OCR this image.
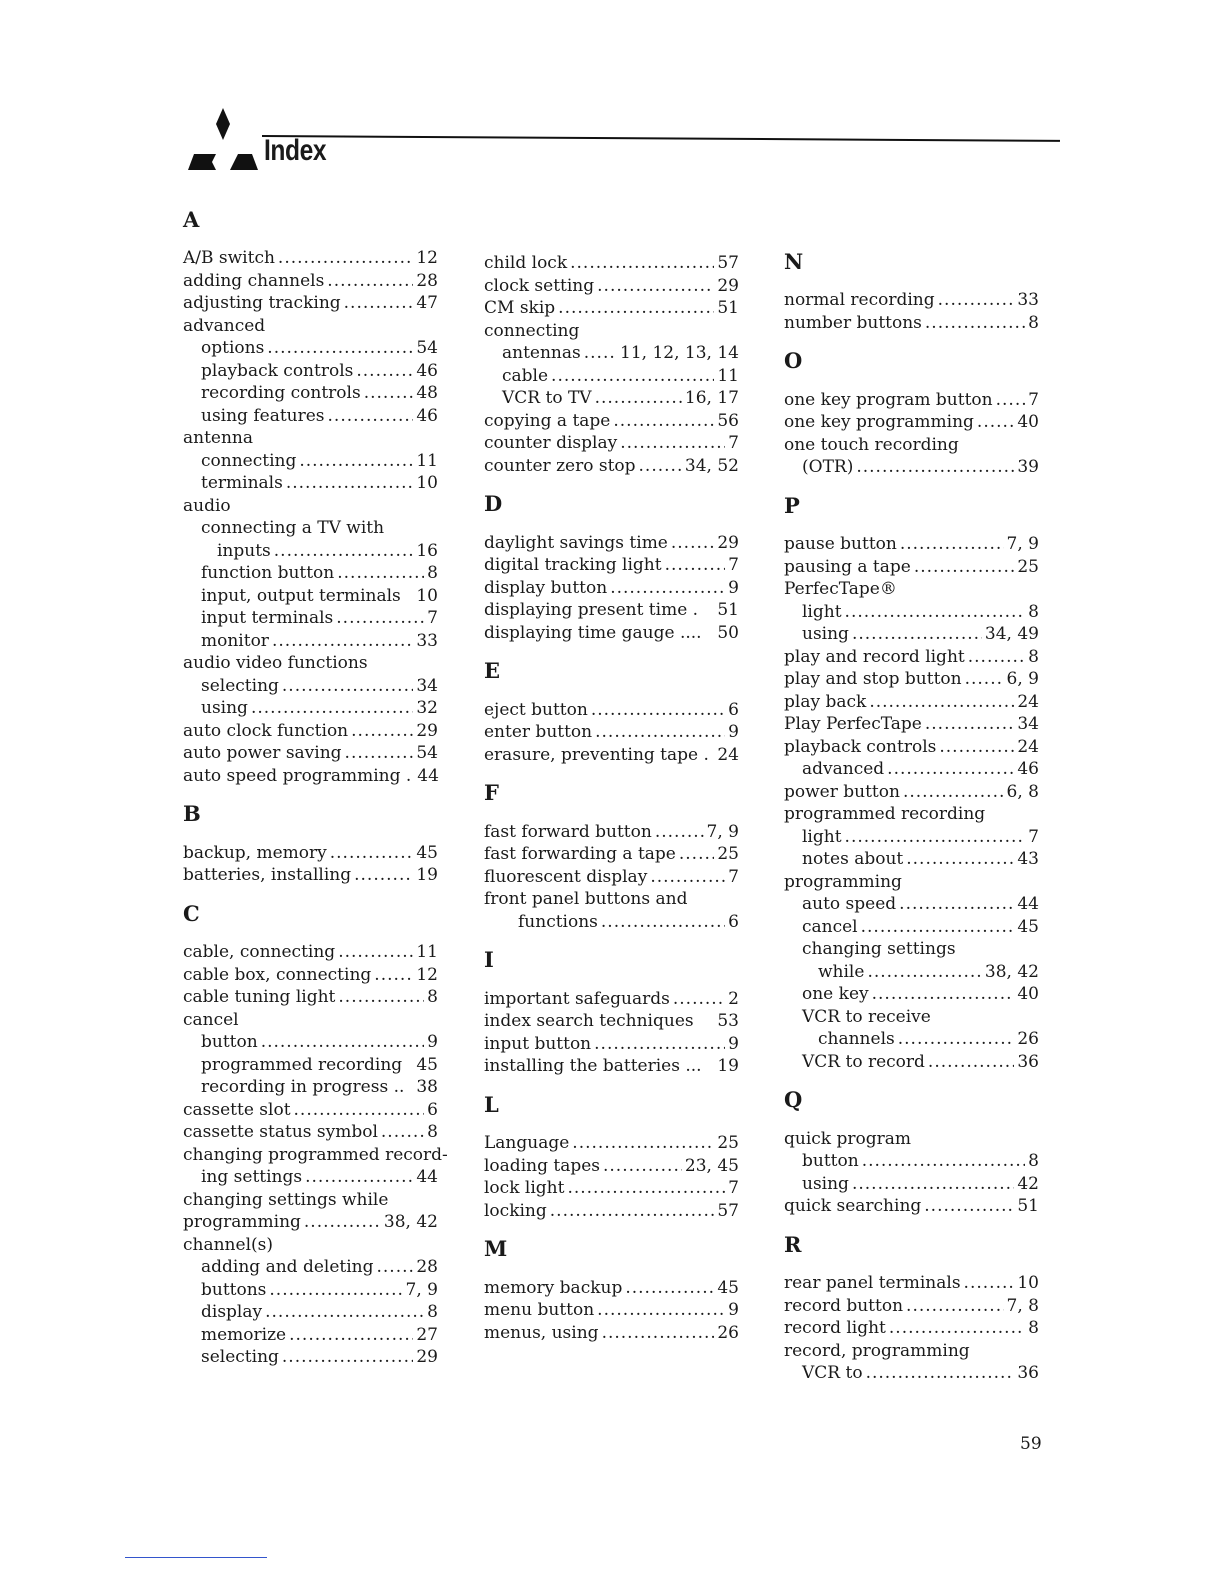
Index
A
A/B switch .....	12
adding channels .....	28
adjusting tracking .....	47
advanced
options .....	54
playback controls .....	46
recording controls .....	48
using features .....	46
antenna
connecting .....	11
terminals .....	10
audio
connecting a TV with
inputs .....	16
function button .....	8
input, output terminals 10
input terminals .....	7
monitor .....	33
audio video functions
selecting .....	34
using .....	32
auto clock function .....	29
auto power saving .....	54
auto speed programming . 44
B
backup, memory .....	45
batteries, installing .....	19
C
cable, connecting .....	11
cable box, connecting .....	12
cable tuning light .....	8
cancel
button .....	9
programmed recording 45
recording in progress .. 38
cassette slot .....	6
cassette status symbol .....	8
changing programmed record-
ing settings .....	44
changing settings while
programming .....	38, 42
channel(s)
adding and deleting .....	28
buttons .....	7, 9
display .....	8
memorize .....	27
selecting .....	29
child lock .....	57
clock setting .....	29
CM skip .....	51
connecting
antennas ..... 11, 12, 13, 14
cable .....	11
VCR to TV .....	16, 17
copying a tape .....	56
counter display .....	7
counter zero stop .....	34, 52
D
daylight savings time .....	29
digital tracking light .....	7
display button .....	9
displaying present time . 51
displaying time gauge .... 50
E
eject button .....	6
enter button .....	9
erasure, preventing tape . 24
F
fast forward button .....	7, 9
fast forwarding a tape ..... 25
fluorescent display .....	7
front panel buttons and
functions .....	6
I
important safeguards .....	2
index search techniques 53
input button .....	9
installing the batteries ... 19
L
Language .....	25
loading tapes .....	23, 45
lock light .....	7
locking .....	57
M
memory backup .....	45
menu button .....	9
menus, using .....	26
N
normal recording .....	33
number buttons .....	8
O
one key program button ..... 7
one key programming .....	40
one touch recording
(OTR) .....	39
P
pause button .....	7, 9
pausing a tape .....	25
PerfecTape®
light .....	8
using .....	34, 49
play and record light .....	8
play and stop button .....	6, 9
play back .....	24
Play PerfecTape .....	34
playback controls .....	24
advanced .....	46
power button .....	6, 8
programmed recording
light .....	7
notes about .....	43
programming
auto speed .....	44
cancel .....	45
changing settings
while .....	38, 42
one key .....	40
VCR to receive
channels .....	26
VCR to record .....	36
Q
quick program
button .....	8
using .....	42
quick searching .....	51
R
rear panel terminals .....	10
record button .....	7, 8
record light .....	8
record, programming
VCR to .....	36
59
